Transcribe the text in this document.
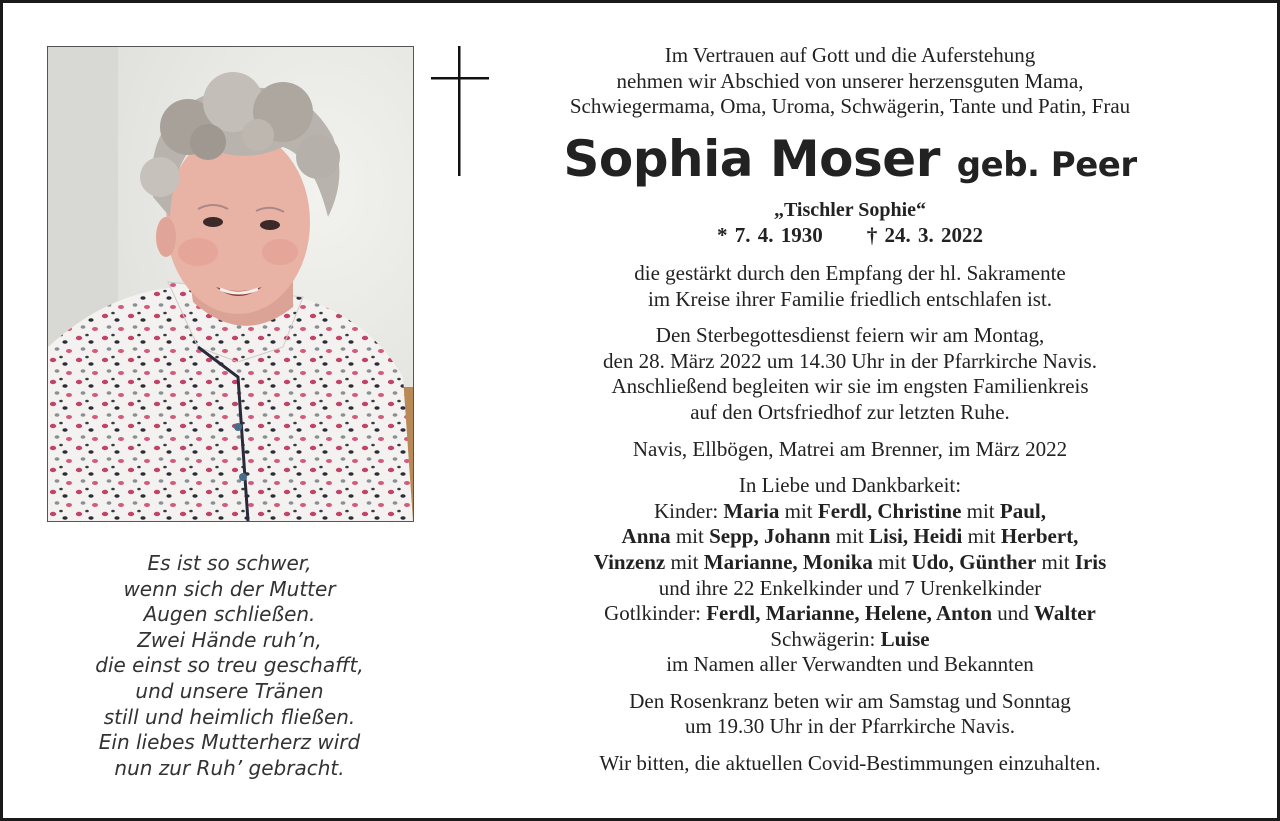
Es ist so schwer,
wenn sich der Mutter
Augen schließen.
Zwei Hände ruh’n,
die einst so treu geschafft,
und unsere Tränen
still und heimlich fließen.
Ein liebes Mutterherz wird
nun zur Ruh’ gebracht.
Im Vertrauen auf Gott und die Auferstehung
nehmen wir Abschied von unserer herzensguten Mama,
Schwiegermama, Oma, Uroma, Schwägerin, Tante und Patin, Frau
Sophia Moser geb. Peer
„Tischler Sophie“
* 7. 4. 1930 † 24. 3. 2022
die gestärkt durch den Empfang der hl. Sakramente
im Kreise ihrer Familie friedlich entschlafen ist.
Den Sterbegottesdienst feiern wir am Montag,
den 28. März 2022 um 14.30 Uhr in der Pfarrkirche Navis.
Anschließend begleiten wir sie im engsten Familienkreis
auf den Ortsfriedhof zur letzten Ruhe.
Navis, Ellbögen, Matrei am Brenner, im März 2022
In Liebe und Dankbarkeit:
Kinder: Maria mit Ferdl, Christine mit Paul,
Anna mit Sepp, Johann mit Lisi, Heidi mit Herbert,
Vinzenz mit Marianne, Monika mit Udo, Günther mit Iris
und ihre 22 Enkelkinder und 7 Urenkelkinder
Gotlkinder: Ferdl, Marianne, Helene, Anton und Walter
Schwägerin: Luise
im Namen aller Verwandten und Bekannten
Den Rosenkranz beten wir am Samstag und Sonntag
um 19.30 Uhr in der Pfarrkirche Navis.
Wir bitten, die aktuellen Covid-Bestimmungen einzuhalten.
